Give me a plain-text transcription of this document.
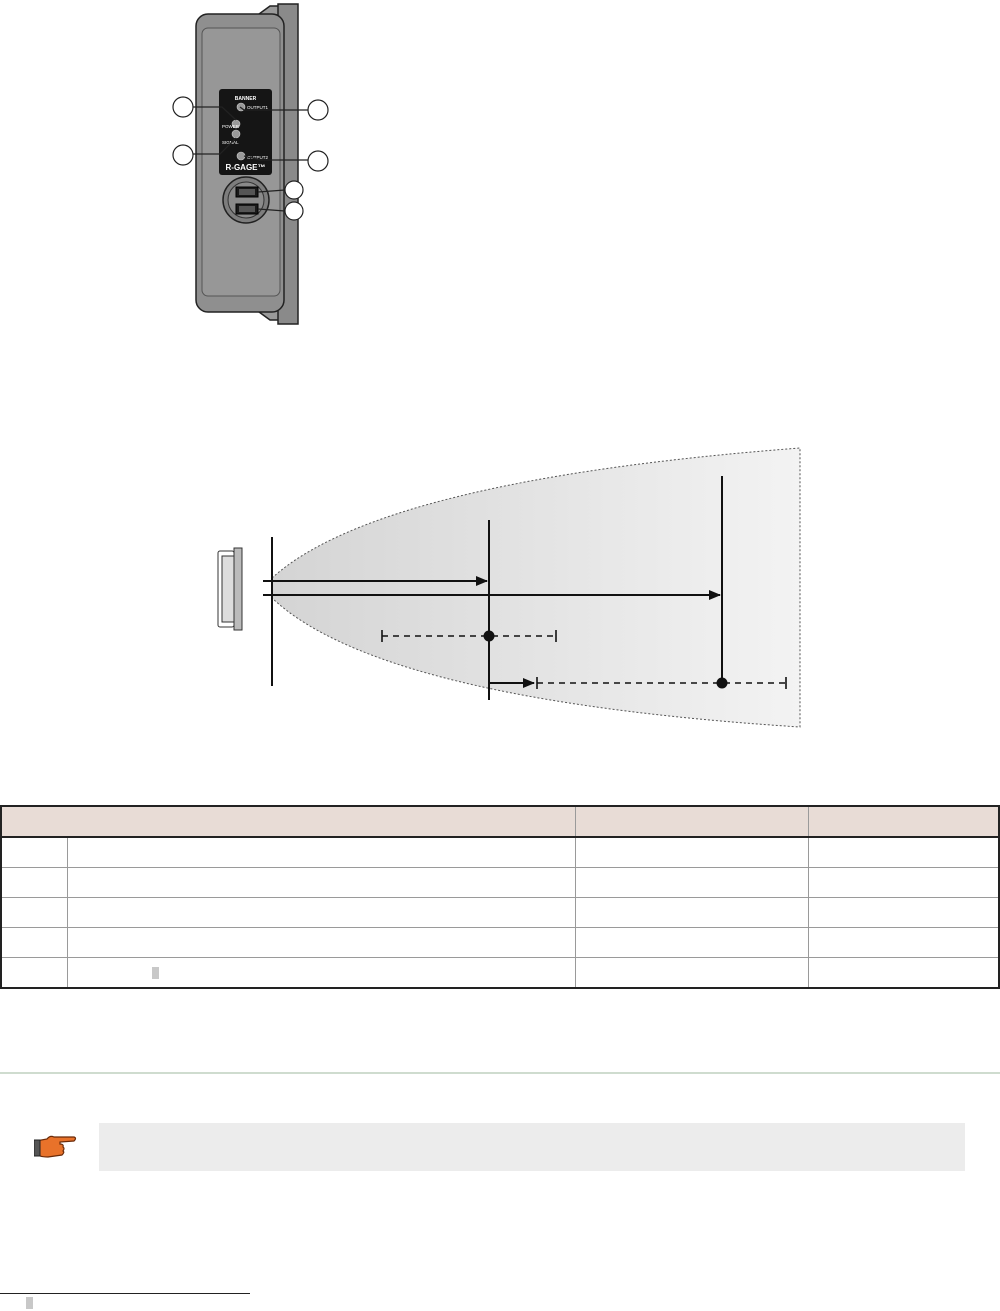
BANNER
OUTPUT1
POWER
SIGNAL
OUTPUT2
R-GAGE™
